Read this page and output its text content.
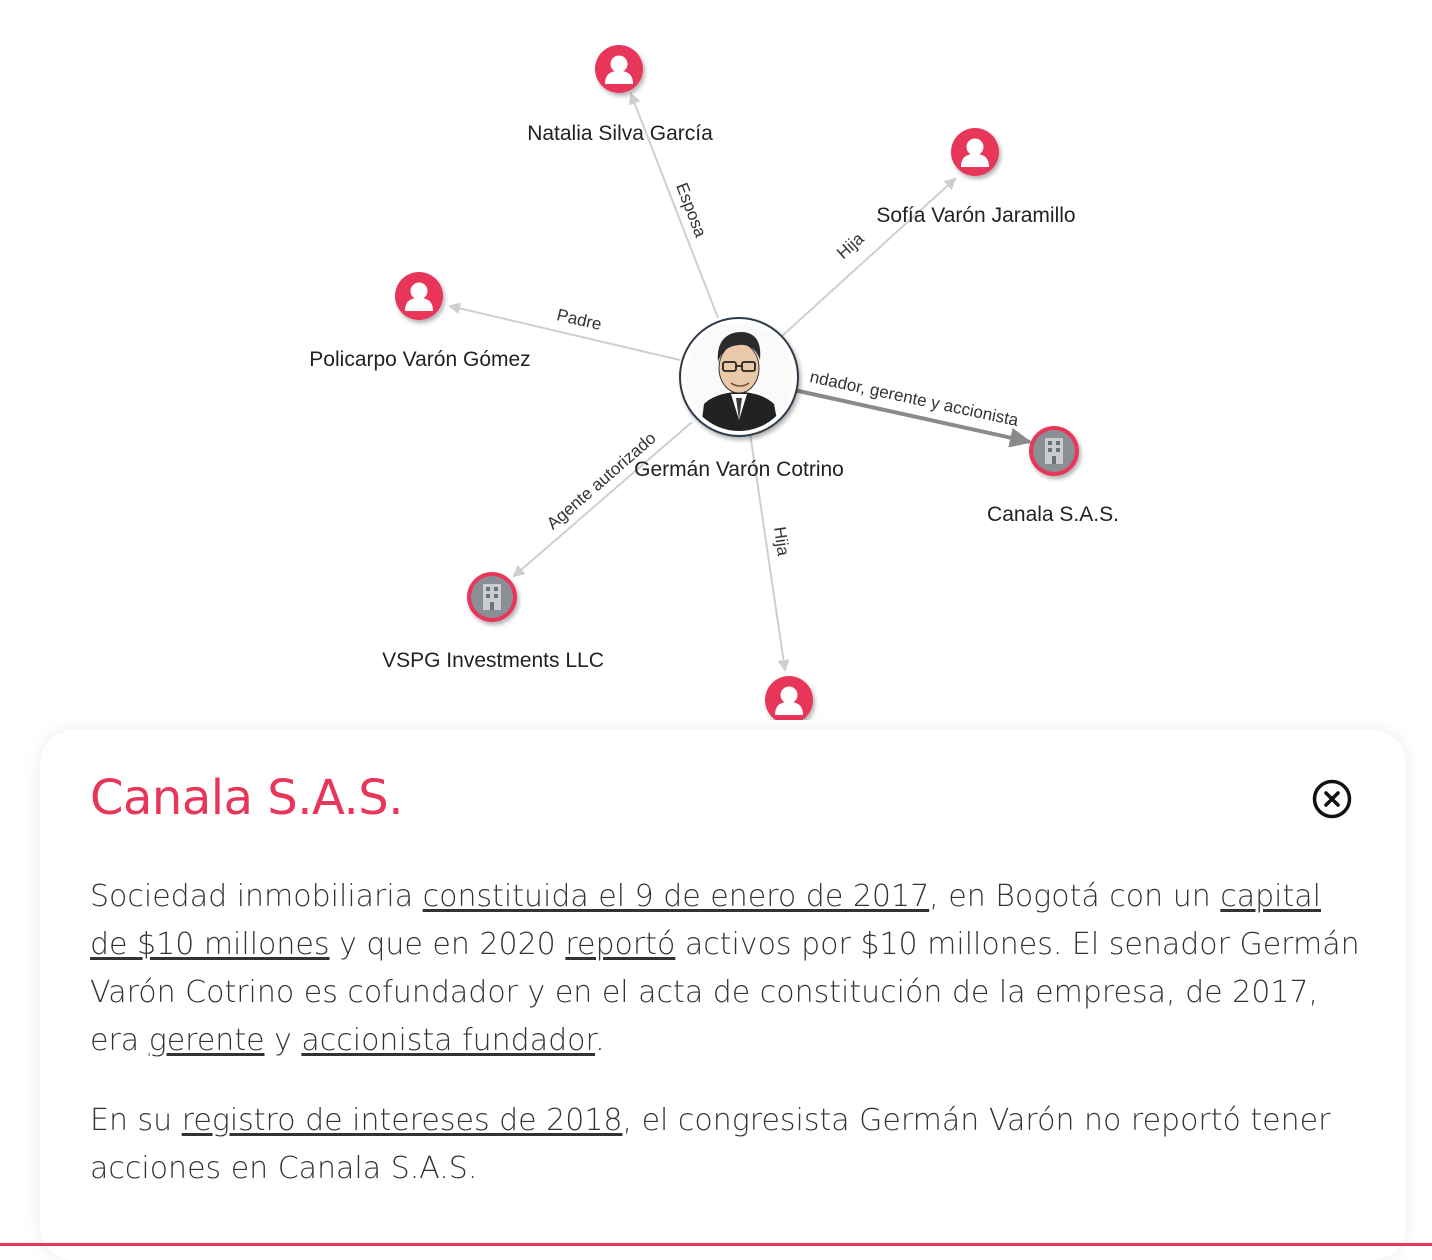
Esposa
Hija
Padre
ndador, gerente y accionista
Agente autorizado
Hija
Natalia Silva García
Sofía Varón Jaramillo
Policarpo Varón Gómez
Canala S.A.S.
VSPG Investments LLC
Germán Varón Cotrino
Canala S.A.S.

Sociedad inmobiliaria constituida el 9 de enero de 2017, en Bogotá con un capital de $10 millones y que en 2020 reportó activos por $10 millones. El senador Germán Varón Cotrino es cofundador y en el acta de constitución de la empresa, de 2017, era gerente y accionista fundador.

En su registro de intereses de 2018, el congresista Germán Varón no reportó tener acciones en Canala S.A.S.
